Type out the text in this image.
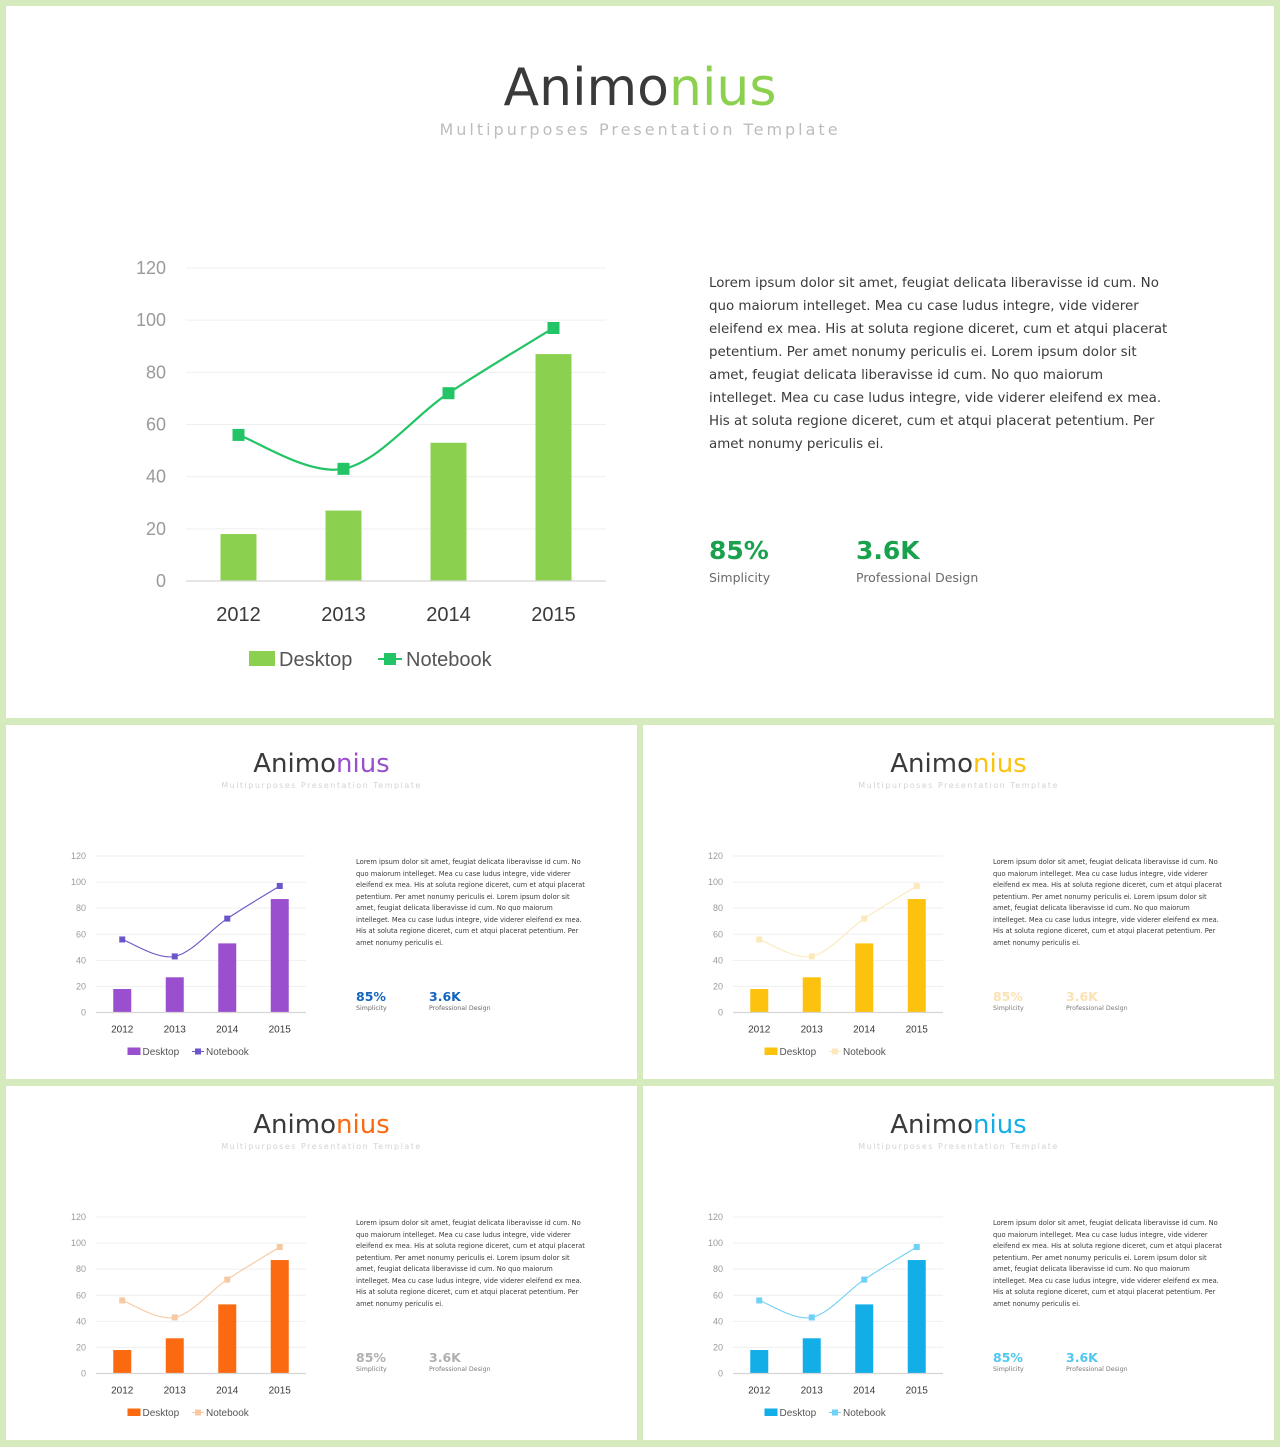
Animonius
Multipurposes Presentation Template

Lorem ipsum dolor sit amet, feugiat delicata liberavisse id cum. No quo maiorum intelleget. Mea cu case ludus integre, vide viderer eleifend ex mea. His at soluta regione diceret, cum et atqui placerat petentium. Per amet nonumy periculis ei. Lorem ipsum dolor sit amet, feugiat delicata liberavisse id cum. No quo maiorum intelleget. Mea cu case ludus integre, vide viderer eleifend ex mea. His at soluta regione diceret, cum et atqui placerat petentium. Per amet nonumy periculis ei.

85%
Simplicity
3.6K
Professional Design
0
20
40
60
80
100
120
2012	2013	2014	2015
Desktop	Notebook
Animonius
Multipurposes Presentation Template

Lorem ipsum dolor sit amet, feugiat delicata liberavisse id cum. No quo maiorum intelleget. Mea cu case ludus integre, vide viderer eleifend ex mea. His at soluta regione diceret, cum et atqui placerat petentium. Per amet nonumy periculis ei. Lorem ipsum dolor sit amet, feugiat delicata liberavisse id cum. No quo maiorum intelleget. Mea cu case ludus integre, vide viderer eleifend ex mea. His at soluta regione diceret, cum et atqui placerat petentium. Per amet nonumy periculis ei.

85%
Simplicity
3.6K
Professional Design
0
20
40
60
80
100
120
2012	2013	2014	2015
Desktop	Notebook
Animonius
Multipurposes Presentation Template

Lorem ipsum dolor sit amet, feugiat delicata liberavisse id cum. No quo maiorum intelleget. Mea cu case ludus integre, vide viderer eleifend ex mea. His at soluta regione diceret, cum et atqui placerat petentium. Per amet nonumy periculis ei. Lorem ipsum dolor sit amet, feugiat delicata liberavisse id cum. No quo maiorum intelleget. Mea cu case ludus integre, vide viderer eleifend ex mea. His at soluta regione diceret, cum et atqui placerat petentium. Per amet nonumy periculis ei.

85%
Simplicity
3.6K
Professional Design
0
20
40
60
80
100
120
2012	2013	2014	2015
Desktop	Notebook
Animonius
Multipurposes Presentation Template

Lorem ipsum dolor sit amet, feugiat delicata liberavisse id cum. No quo maiorum intelleget. Mea cu case ludus integre, vide viderer eleifend ex mea. His at soluta regione diceret, cum et atqui placerat petentium. Per amet nonumy periculis ei. Lorem ipsum dolor sit amet, feugiat delicata liberavisse id cum. No quo maiorum intelleget. Mea cu case ludus integre, vide viderer eleifend ex mea. His at soluta regione diceret, cum et atqui placerat petentium. Per amet nonumy periculis ei.

85%
Simplicity
3.6K
Professional Design
0
20
40
60
80
100
120
2012	2013	2014	2015
Desktop	Notebook
Animonius
Multipurposes Presentation Template

Lorem ipsum dolor sit amet, feugiat delicata liberavisse id cum. No quo maiorum intelleget. Mea cu case ludus integre, vide viderer eleifend ex mea. His at soluta regione diceret, cum et atqui placerat petentium. Per amet nonumy periculis ei. Lorem ipsum dolor sit amet, feugiat delicata liberavisse id cum. No quo maiorum intelleget. Mea cu case ludus integre, vide viderer eleifend ex mea. His at soluta regione diceret, cum et atqui placerat petentium. Per amet nonumy periculis ei.

85%
Simplicity
3.6K
Professional Design
0
20
40
60
80
100
120
2012	2013	2014	2015
Desktop	Notebook
